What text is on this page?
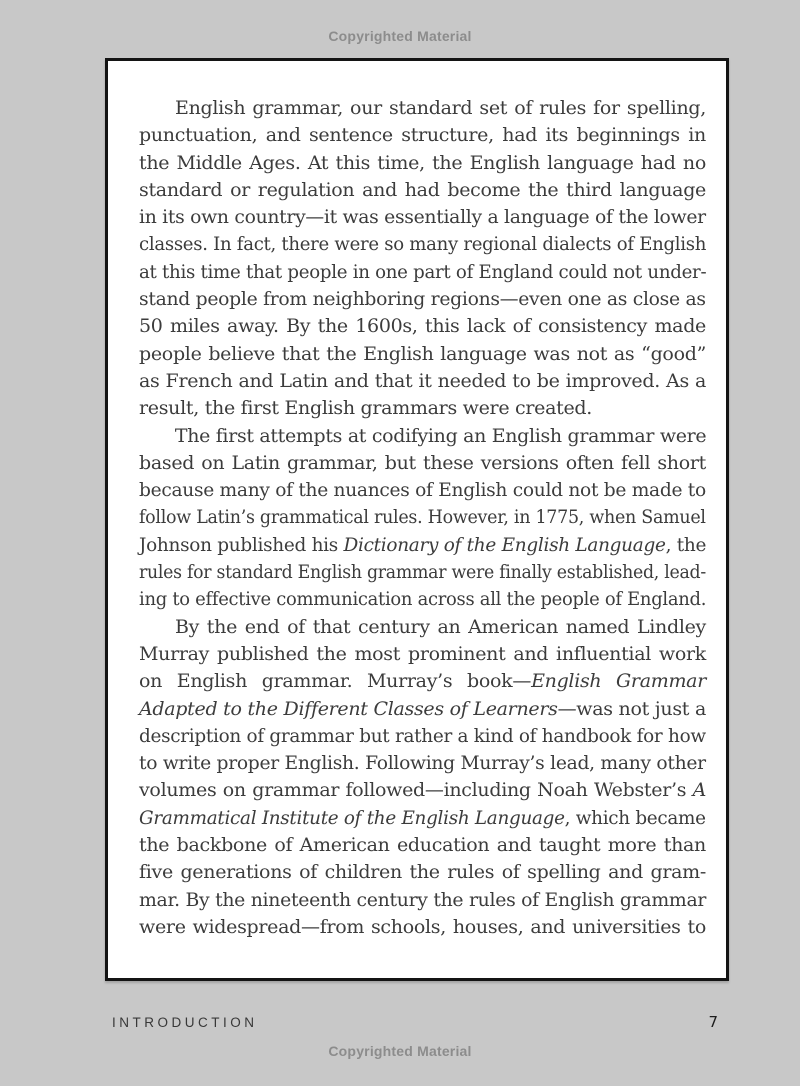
Copyrighted Material
English grammar, our standard set of rules for spelling,
punctuation, and sentence structure, had its beginnings in
the Middle Ages. At this time, the English language had no
standard or regulation and had become the third language
in its own country—it was essentially a language of the lower
classes. In fact, there were so many regional dialects of English
at this time that people in one part of England could not under-
stand people from neighboring regions—even one as close as
50 miles away. By the 1600s, this lack of consistency made
people believe that the English language was not as “good”
as French and Latin and that it needed to be improved. As a
result, the first English grammars were created.
The first attempts at codifying an English grammar were
based on Latin grammar, but these versions often fell short
because many of the nuances of English could not be made to
follow Latin’s grammatical rules. However, in 1775, when Samuel
Johnson published his Dictionary of the English Language, the
rules for standard English grammar were finally established, lead-
ing to effective communication across all the people of England.
By the end of that century an American named Lindley
Murray published the most prominent and influential work
on English grammar. Murray’s book—English Grammar
Adapted to the Different Classes of Learners—was not just a
description of grammar but rather a kind of handbook for how
to write proper English. Following Murray’s lead, many other
volumes on grammar followed—including Noah Webster’s A
Grammatical Institute of the English Language, which became
the backbone of American education and taught more than
five generations of children the rules of spelling and gram-
mar. By the nineteenth century the rules of English grammar
were widespread—from schools, houses, and universities to
INTRODUCTION	7
Copyrighted Material
